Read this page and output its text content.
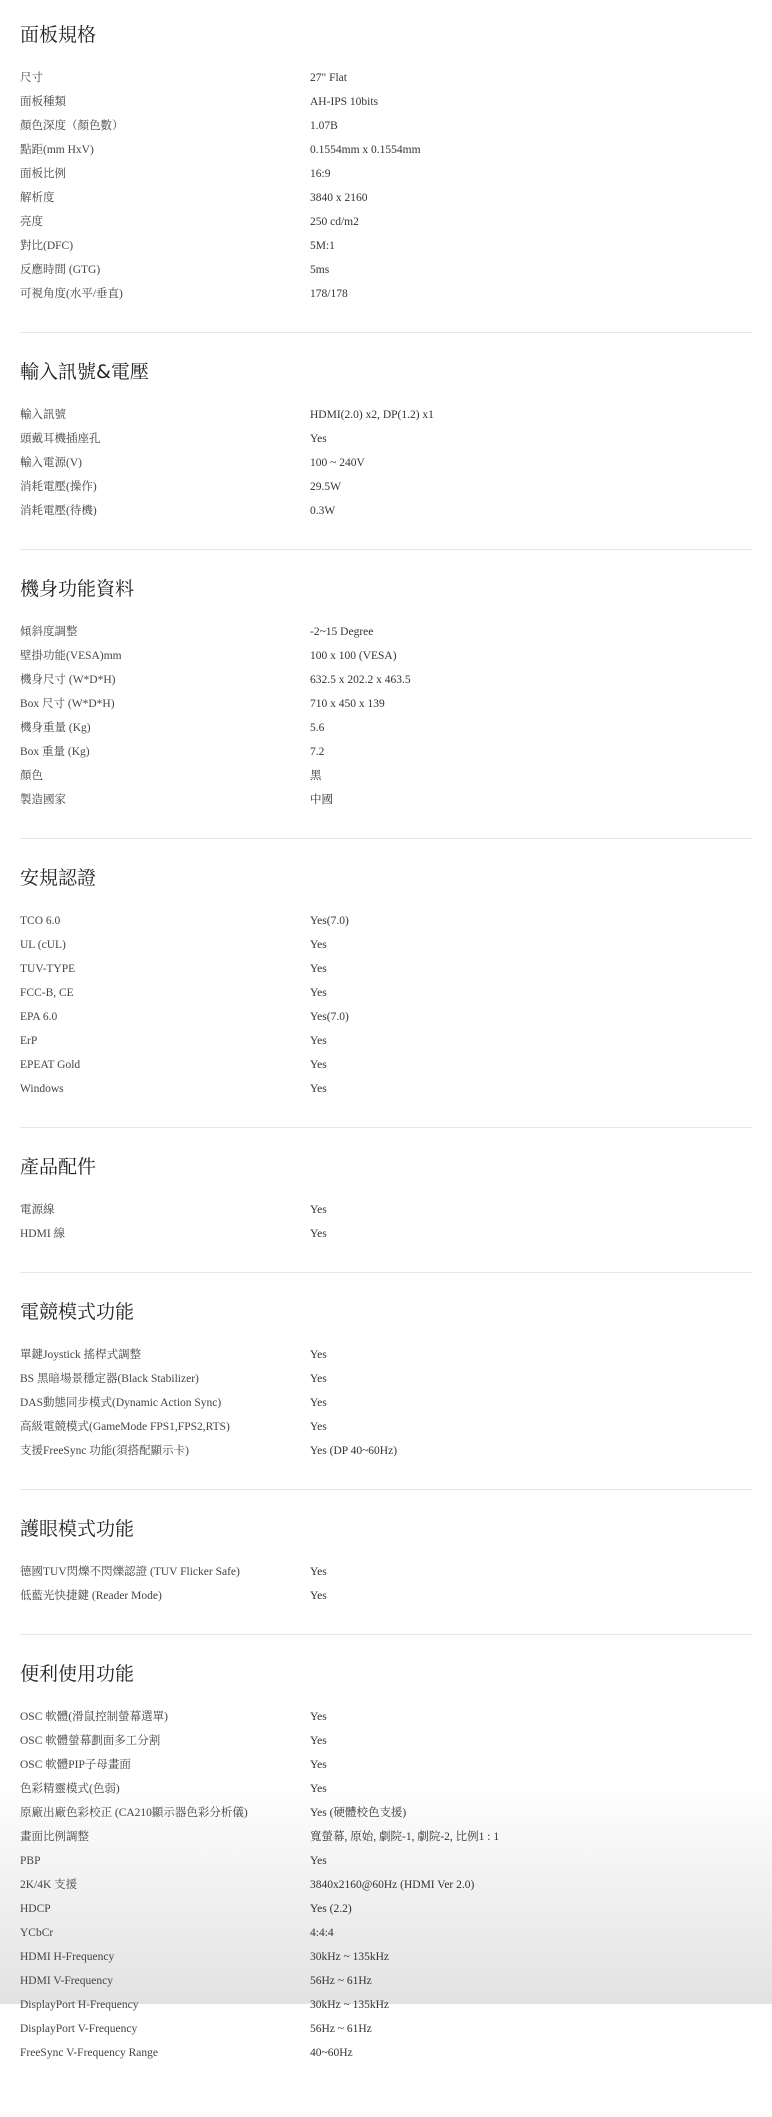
面板規格
尺寸	27" Flat
面板種類	AH-IPS 10bits
顏色深度（顏色數）	1.07B
點距(mm HxV)	0.1554mm x 0.1554mm
面板比例	16:9
解析度	3840 x 2160
亮度	250 cd/m2
對比(DFC)	5M:1
反應時間 (GTG)	5ms
可視角度(水平/垂直)	178/178
輸入訊號&電壓
輸入訊號	HDMI(2.0) x2, DP(1.2) x1
頭戴耳機插座孔	Yes
輸入電源(V)	100 ~ 240V
消耗電壓(操作)	29.5W
消耗電壓(待機)	0.3W
機身功能資料
傾斜度調整	-2~15 Degree
壁掛功能(VESA)mm	100 x 100 (VESA)
機身尺寸 (W*D*H)	632.5 x 202.2 x 463.5
Box 尺寸 (W*D*H)	710 x 450 x 139
機身重量 (Kg)	5.6
Box 重量 (Kg)	7.2
顏色	黑
製造國家	中國
安規認證
TCO 6.0	Yes(7.0)
UL (cUL)	Yes
TUV-TYPE	Yes
FCC-B, CE	Yes
EPA 6.0	Yes(7.0)
ErP	Yes
EPEAT Gold	Yes
Windows	Yes
產品配件
電源線	Yes
HDMI 線	Yes
電競模式功能
單鍵Joystick 搖桿式調整	Yes
BS 黑暗場景穩定器(Black Stabilizer)	Yes
DAS動態同步模式(Dynamic Action Sync)	Yes
高級電競模式(GameMode FPS1,FPS2,RTS)	Yes
支援FreeSync 功能(須搭配顯示卡)	Yes (DP 40~60Hz)
護眼模式功能
德國TUV閃爍不閃爍認證 (TUV Flicker Safe)	Yes
低藍光快捷鍵 (Reader Mode)	Yes
便利使用功能
OSC 軟體(滑鼠控制螢幕選單)	Yes
OSC 軟體螢幕劃面多工分割	Yes
OSC 軟體PIP子母畫面	Yes
色彩精靈模式(色弱)	Yes
原廠出廠色彩校正 (CA210顯示器色彩分析儀)	Yes (硬體校色支援)
畫面比例調整	寬螢幕, 原始, 劇院-1, 劇院-2, 比例1 : 1
PBP	Yes
2K/4K 支援	3840x2160@60Hz (HDMI Ver 2.0)
HDCP	Yes (2.2)
YCbCr	4:4:4
HDMI H-Frequency	30kHz ~ 135kHz
HDMI V-Frequency	56Hz ~ 61Hz
DisplayPort H-Frequency	30kHz ~ 135kHz
DisplayPort V-Frequency	56Hz ~ 61Hz
FreeSync V-Frequency Range	40~60Hz
